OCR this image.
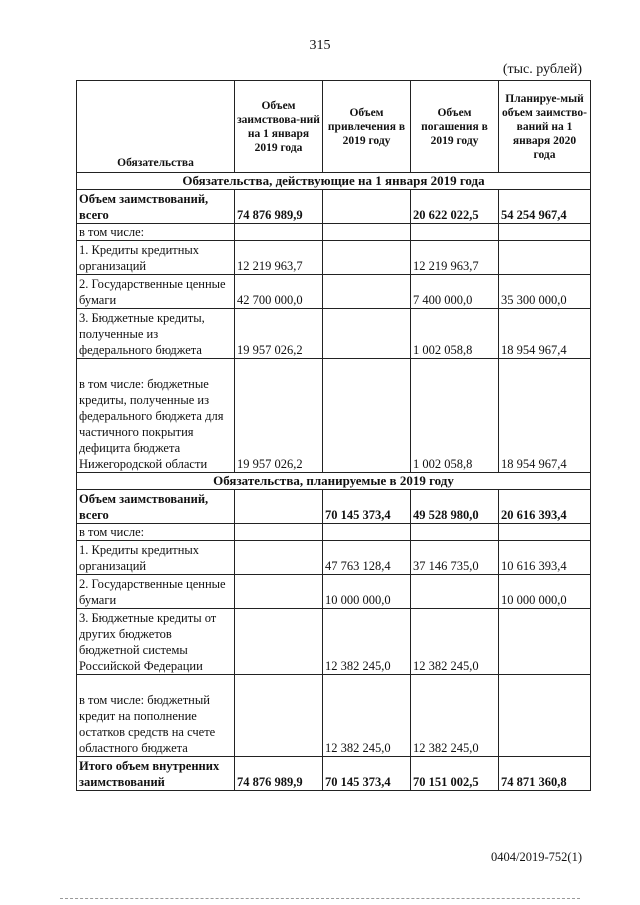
315
(тыс. рублей)
Обязательства	Объем заимствова-ний на 1 января 2019 года	Объем привлечения в 2019 году	Объем погашения в 2019 году	Планируе-мый объем заимство-ваний на 1 января 2020 года
Обязательства, действующие на 1 января 2019 года				
Объем заимствований, всего	74 876 989,9		20 622 022,5	54 254 967,4
в том числе:				
1. Кредиты кредитных организаций	12 219 963,7		12 219 963,7	
2. Государственные ценные бумаги	42 700 000,0		7 400 000,0	35 300 000,0
3. Бюджетные кредиты, полученные из федерального бюджета	19 957 026,2		1 002 058,8	18 954 967,4
в том числе: бюджетные кредиты, полученные из федерального бюджета для частичного покрытия дефицита бюджета Нижегородской области	19 957 026,2		1 002 058,8	18 954 967,4
Обязательства, планируемые в 2019 году				
Объем заимствований, всего		70 145 373,4	49 528 980,0	20 616 393,4
в том числе:				
1. Кредиты кредитных организаций		47 763 128,4	37 146 735,0	10 616 393,4
2. Государственные ценные бумаги		10 000 000,0		10 000 000,0
3. Бюджетные кредиты от других бюджетов бюджетной системы Российской Федерации		12 382 245,0	12 382 245,0	
в том числе: бюджетный кредит на пополнение остатков средств на счете областного бюджета		12 382 245,0	12 382 245,0	
Итого объем внутренних заимствований	74 876 989,9	70 145 373,4	70 151 002,5	74 871 360,8
0404/2019-752(1)
